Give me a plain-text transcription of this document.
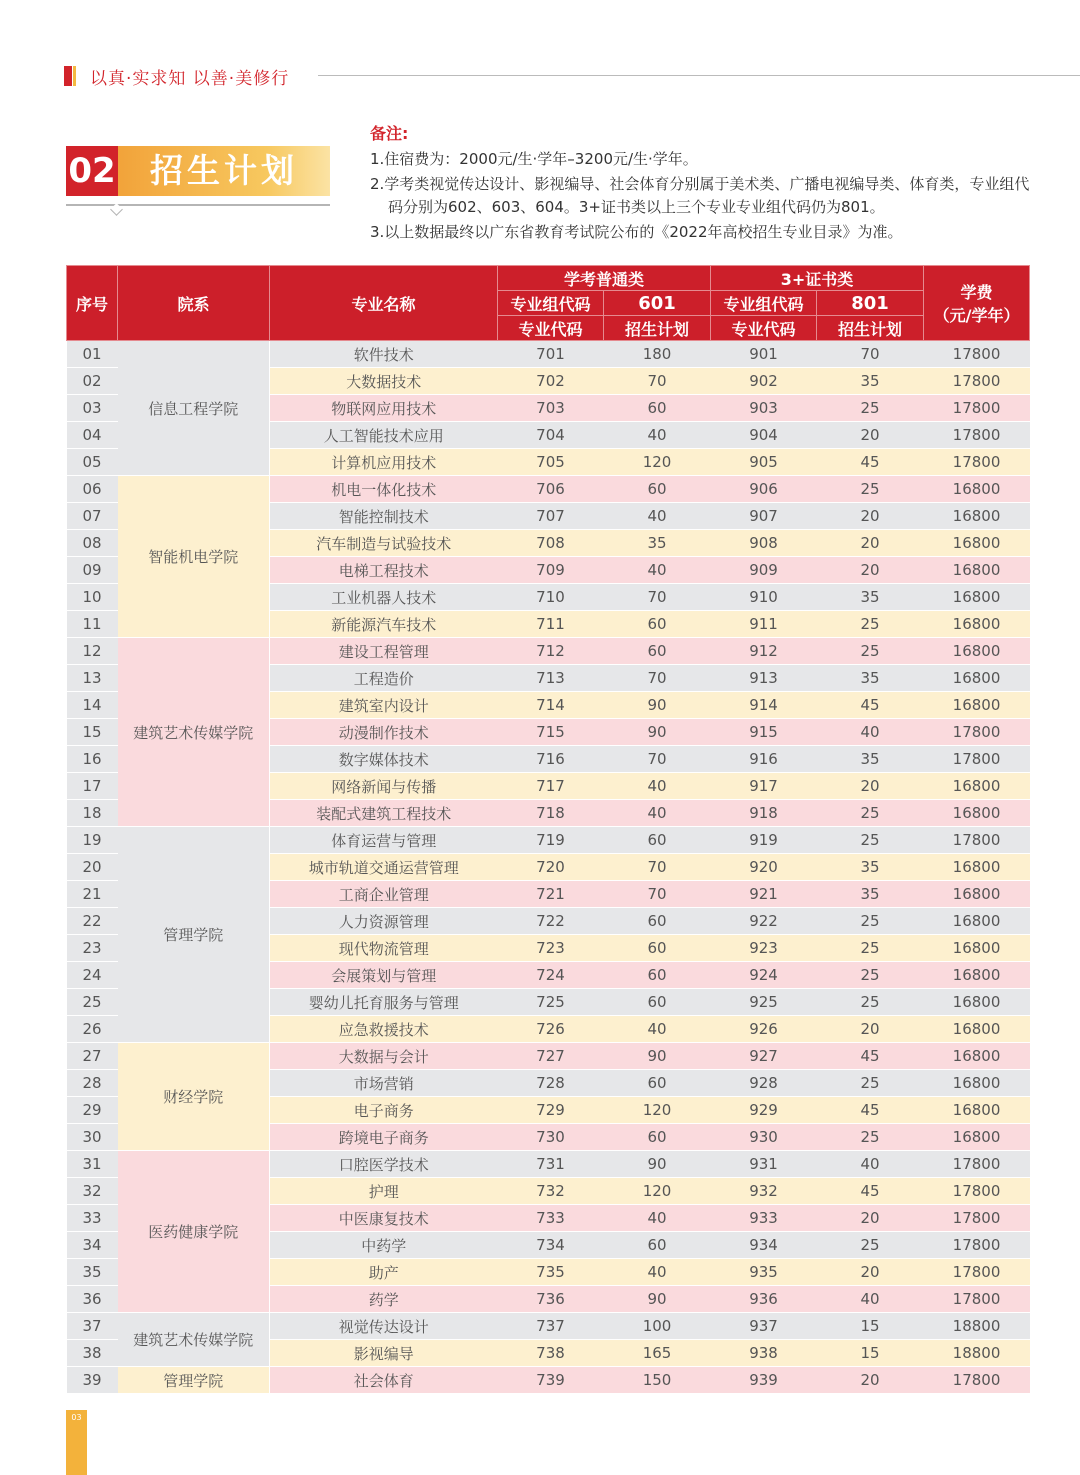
以真·实求知 以善·美修行
02	招生计划
备注:

1.住宿费为：2000元/生·学年–3200元/生·学年。

2.学考类视觉传达设计、影视编导、社会体育分别属于美术类、广播电视编导类、体育类，专业组代码分别为602、603、604。3+证书类以上三个专业专业组代码仍为801。

3.以上数据最终以广东省教育考试院公布的《2022年高校招生专业目录》为准。

序号	院系	专业名称	学考普通类		3+证书类		学费
（元/学年）

			专业组代码	601	专业组代码	801	
			专业代码	招生计划	专业代码	招生计划	
01	信息工程学院	软件技术	701	180	901	70	17800
02		大数据技术	702	70	902	35	17800
03		物联网应用技术	703	60	903	25	17800
04		人工智能技术应用	704	40	904	20	17800
05		计算机应用技术	705	120	905	45	17800
06	智能机电学院	机电一体化技术	706	60	906	25	16800
07		智能控制技术	707	40	907	20	16800
08		汽车制造与试验技术	708	35	908	20	16800
09		电梯工程技术	709	40	909	20	16800
10		工业机器人技术	710	70	910	35	16800
11		新能源汽车技术	711	60	911	25	16800
12	建筑艺术传媒学院	建设工程管理	712	60	912	25	16800
13		工程造价	713	70	913	35	16800
14		建筑室内设计	714	90	914	45	16800
15		动漫制作技术	715	90	915	40	17800
16		数字媒体技术	716	70	916	35	17800
17		网络新闻与传播	717	40	917	20	16800
18		装配式建筑工程技术	718	40	918	25	16800
19	管理学院	体育运营与管理	719	60	919	25	17800
20		城市轨道交通运营管理	720	70	920	35	16800
21		工商企业管理	721	70	921	35	16800
22		人力资源管理	722	60	922	25	16800
23		现代物流管理	723	60	923	25	16800
24		会展策划与管理	724	60	924	25	16800
25		婴幼儿托育服务与管理	725	60	925	25	16800
26		应急救援技术	726	40	926	20	16800
27	财经学院	大数据与会计	727	90	927	45	16800
28		市场营销	728	60	928	25	16800
29		电子商务	729	120	929	45	16800
30		跨境电子商务	730	60	930	25	16800
31	医药健康学院	口腔医学技术	731	90	931	40	17800
32		护理	732	120	932	45	17800
33		中医康复技术	733	40	933	20	17800
34		中药学	734	60	934	25	17800
35		助产	735	40	935	20	17800
36		药学	736	90	936	40	17800
37	建筑艺术传媒学院	视觉传达设计	737	100	937	15	18800
38		影视编导	738	165	938	15	18800
39	管理学院	社会体育	739	150	939	20	17800
03
